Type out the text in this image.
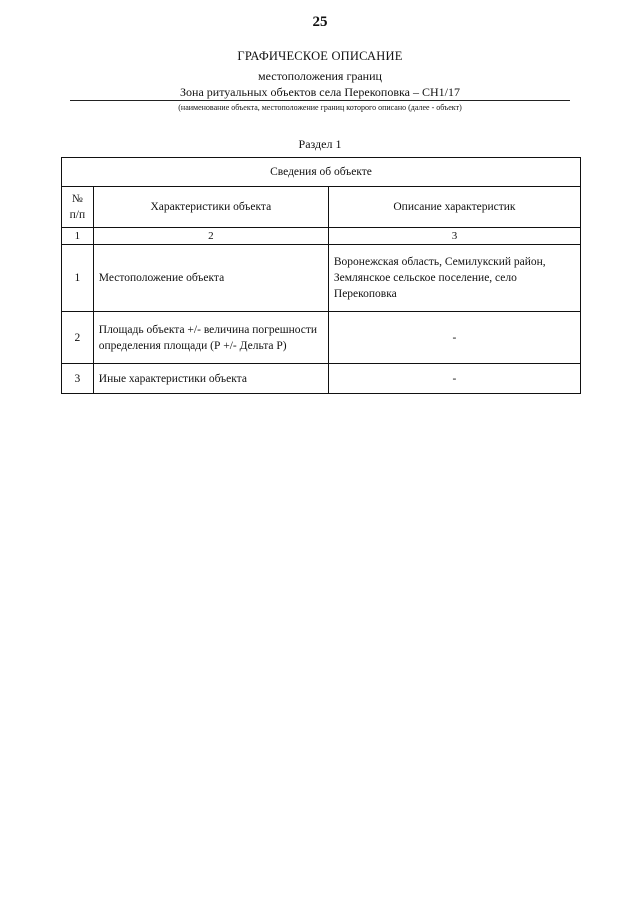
25
ГРАФИЧЕСКОЕ ОПИСАНИЕ
местоположения границ
Зона ритуальных объектов села Перекоповка – СН1/17
(наименование объекта, местоположение границ которого описано (далее - объект)
Раздел 1
Сведения об объекте		
№
п/п	Характеристики объекта	Описание характеристик
1	2	3
1	Местоположение объекта	Воронежская область, Семилукский район, Землянское сельское поселение, село Перекоповка
2	Площадь объекта +/- величина погрешности определения площади (Р +/- Дельта Р)	-
3	Иные характеристики объекта	-
